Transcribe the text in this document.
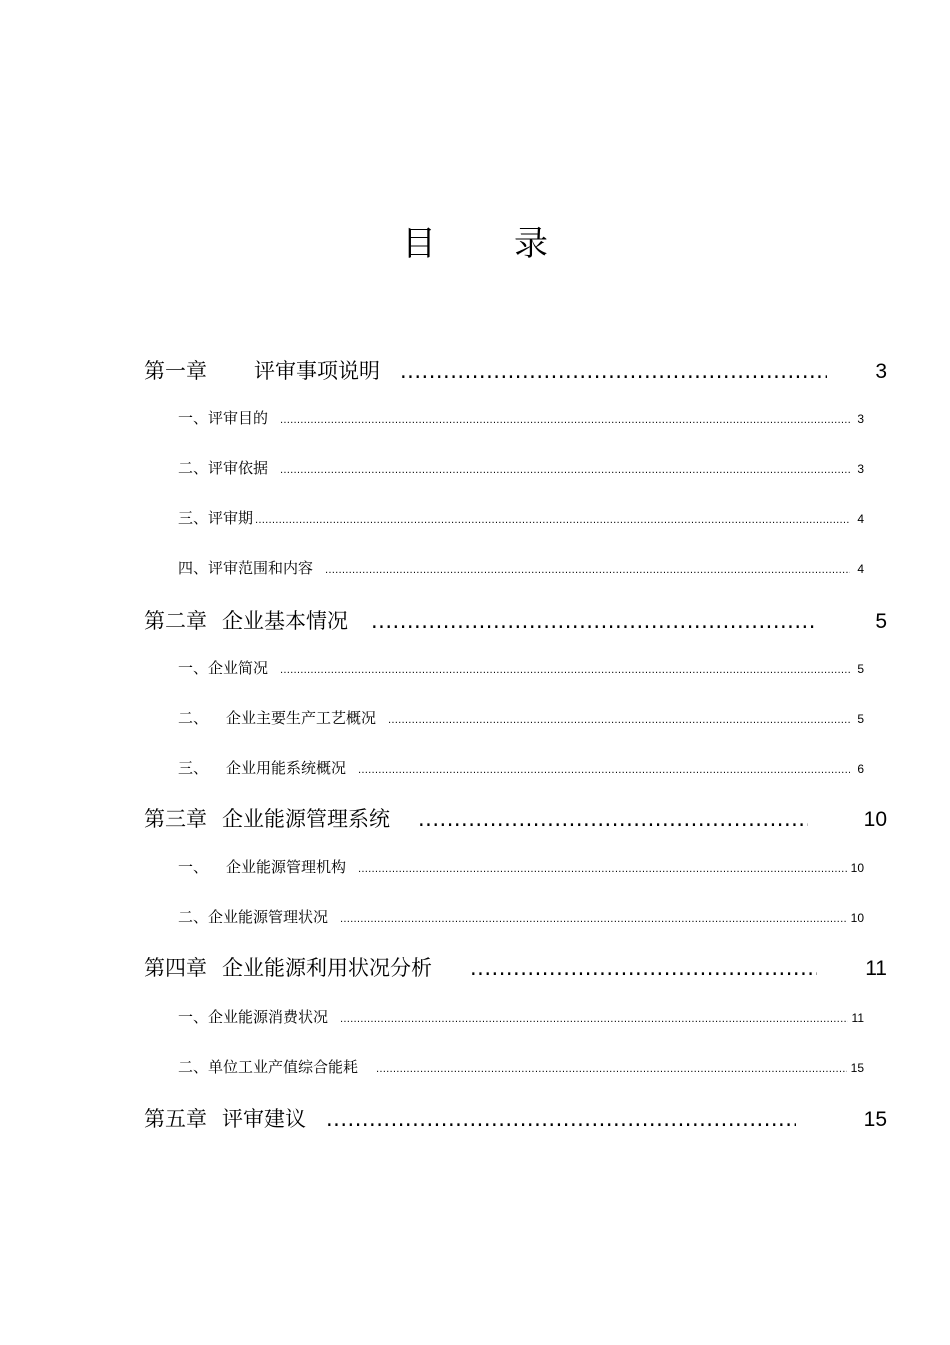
目 录
第一章 评审事项说明 .....	3
一、评审目的 .....	3
二、评审依据 .....	3
三、评审期 .....	4
四、评审范围和内容 .....	4
第二章 企业基本情况 .....	5
一、企业简况 .....	5
二、 企业主要生产工艺概况 .....	5
三、 企业用能系统概况 .....	6
第三章 企业能源管理系统 .....	10
一、 企业能源管理机构 .....	10
二、企业能源管理状况 .....	10
第四章 企业能源利用状况分析 .....	11
一、企业能源消费状况 .....	11
二、单位工业产值综合能耗 .....	15
第五章 评审建议 .....	15
